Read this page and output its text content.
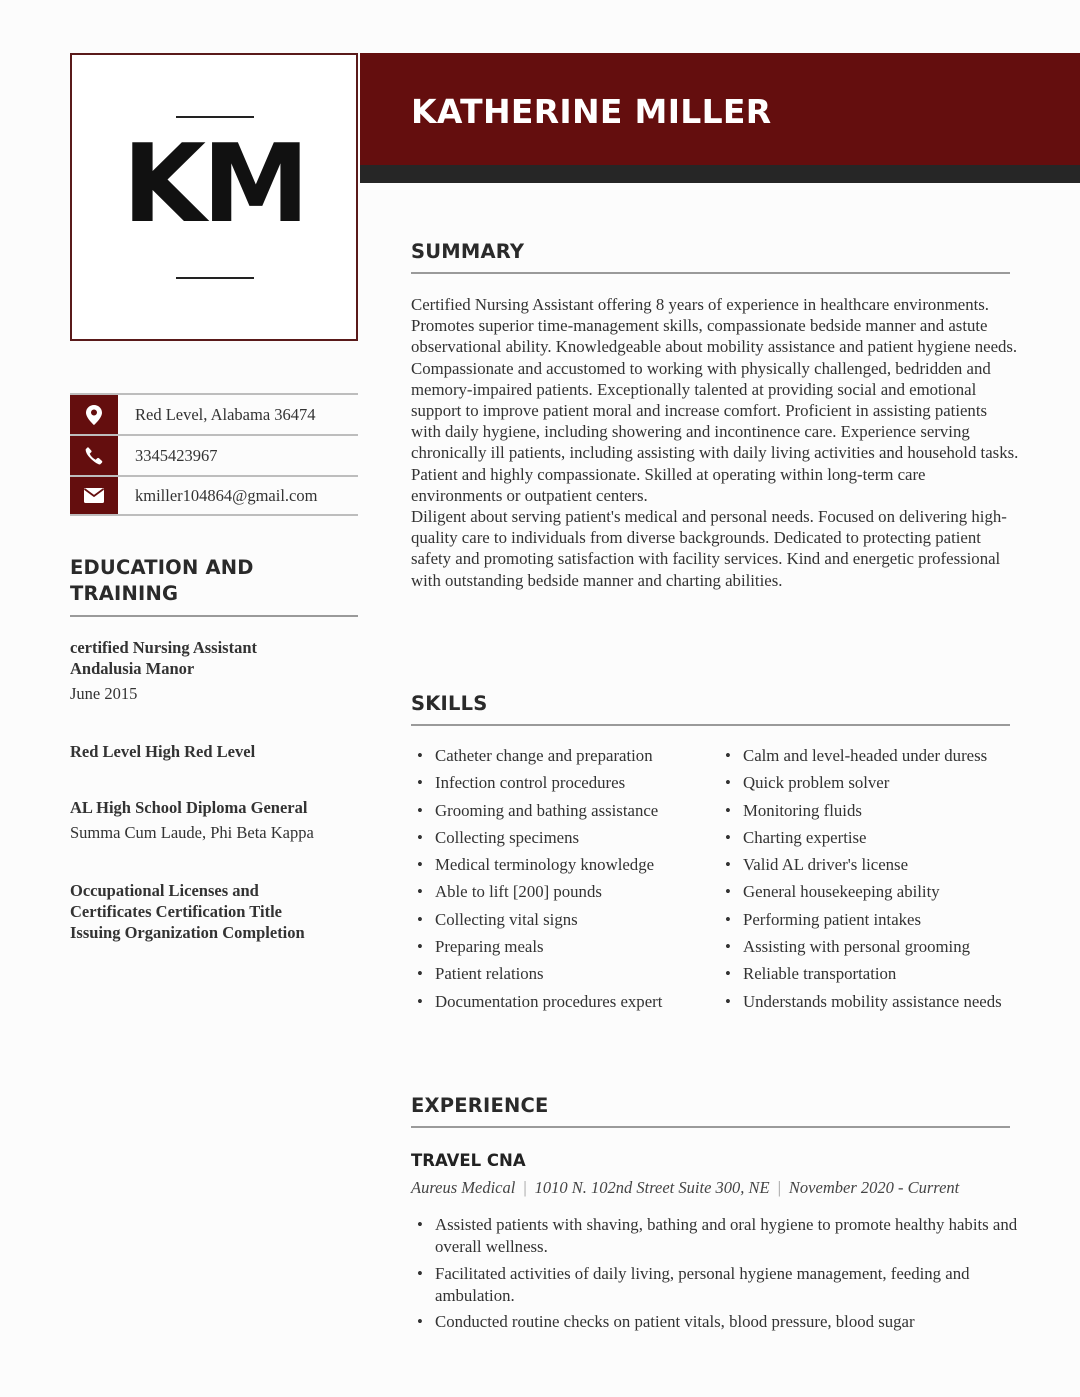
KM
KATHERINE MILLER
Red Level, Alabama 36474
3345423967
kmiller104864@gmail.com
EDUCATION AND
TRAINING
certified Nursing Assistant
Andalusia Manor
June 2015
Red Level High Red Level
AL High School Diploma General
Summa Cum Laude, Phi Beta Kappa
Occupational Licenses and
Certificates Certification Title
Issuing Organization Completion
SUMMARY

Certified Nursing Assistant offering 8 years of experience in healthcare environments. Promotes superior time-management skills, compassionate bedside manner and astute observational ability. Knowledgeable about mobility assistance and patient hygiene needs.

Compassionate and accustomed to working with physically challenged, bedridden and memory-impaired patients. Exceptionally talented at providing social and emotional support to improve patient moral and increase comfort. Proficient in assisting patients with daily hygiene, including showering and incontinence care. Experience serving chronically ill patients, including assisting with daily living activities and household tasks. Patient and highly compassionate. Skilled at operating within long-term care environments or outpatient centers.

Diligent about serving patient's medical and personal needs. Focused on delivering high-quality care to individuals from diverse backgrounds. Dedicated to protecting patient safety and promoting satisfaction with facility services. Kind and energetic professional with outstanding bedside manner and charting abilities.

SKILLS
• Catheter change and preparation
• Infection control procedures
• Grooming and bathing assistance
• Collecting specimens
• Medical terminology knowledge
• Able to lift [200] pounds
• Collecting vital signs
• Preparing meals
• Patient relations
• Documentation procedures expert
• Calm and level-headed under duress
• Quick problem solver
• Monitoring fluids
• Charting expertise
• Valid AL driver's license
• General housekeeping ability
• Performing patient intakes
• Assisting with personal grooming
• Reliable transportation
• Understands mobility assistance needs
EXPERIENCE
TRAVEL CNA
Aureus Medical | 1010 N. 102nd Street Suite 300, NE | November 2020 - Current
• Assisted patients with shaving, bathing and oral hygiene to promote healthy habits and overall wellness.
• Facilitated activities of daily living, personal hygiene management, feeding and ambulation.
• Conducted routine checks on patient vitals, blood pressure, blood sugar
